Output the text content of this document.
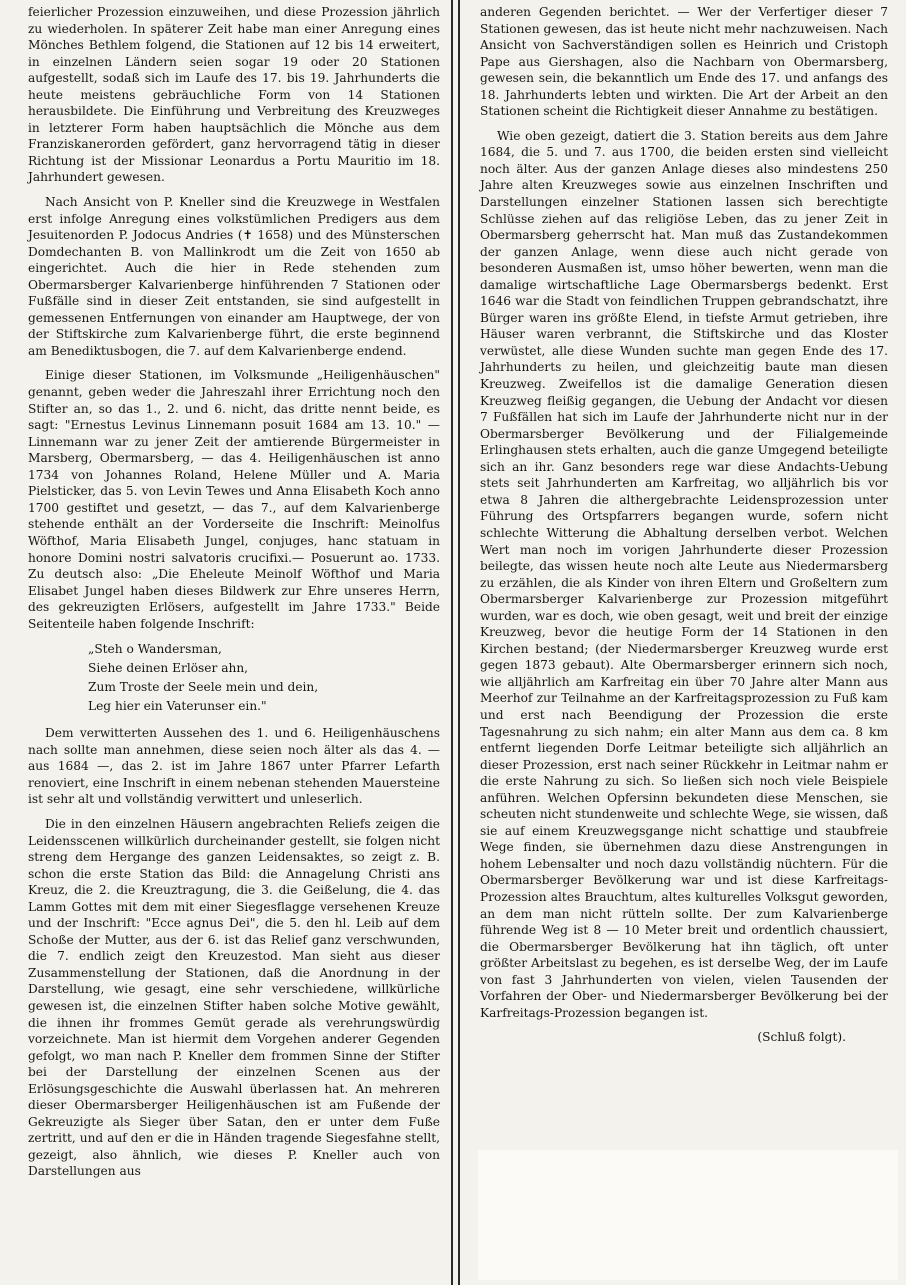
feierlicher Prozession einzuweihen, und diese Prozession jährlich zu wiederholen. In späterer Zeit habe man einer Anregung eines Mönches Bethlem folgend, die Stationen auf 12 bis 14 erweitert, in einzelnen Ländern seien sogar 19 oder 20 Stationen aufgestellt, sodaß sich im Laufe des 17. bis 19. Jahrhunderts die heute meistens gebräuchliche Form von 14 Stationen herausbildete. Die Einführung und Verbreitung des Kreuzweges in letzterer Form haben hauptsächlich die Mönche aus dem Franziskanerorden gefördert, ganz hervorragend tätig in dieser Richtung ist der Missionar Leonardus a Portu Mauritio im 18. Jahrhundert gewesen.

Nach Ansicht von P. Kneller sind die Kreuzwege in Westfalen erst infolge Anregung eines volkstümlichen Predigers aus dem Jesuitenorden P. Jodocus Andries (✝ 1658) und des Münsterschen Domdechanten B. von Mallinkrodt um die Zeit von 1650 ab eingerichtet. Auch die hier in Rede stehenden zum Obermarsberger Kalvarienberge hinführenden 7 Stationen oder Fußfälle sind in dieser Zeit entstanden, sie sind aufgestellt in gemessenen Entfernungen von einander am Hauptwege, der von der Stiftskirche zum Kalvarienberge führt, die erste beginnend am Benediktusbogen, die 7. auf dem Kalvarienberge endend.

Einige dieser Stationen, im Volksmunde „Heiligenhäuschen" genannt, geben weder die Jahreszahl ihrer Errichtung noch den Stifter an, so das 1., 2. und 6. nicht, das dritte nennt beide, es sagt: "Ernestus Levinus Linnemann posuit 1684 am 13. 10." — Linnemann war zu jener Zeit der amtierende Bürgermeister in Marsberg, Obermarsberg, — das 4. Heiligenhäuschen ist anno 1734 von Johannes Roland, Helene Müller und A. Maria Pielsticker, das 5. von Levin Tewes und Anna Elisabeth Koch anno 1700 gestiftet und gesetzt, — das 7., auf dem Kalvarienberge stehende enthält an der Vorderseite die Inschrift: Meinolfus Wöfthof, Maria Elisabeth Jungel, conjuges, hanc statuam in honore Domini nostri salvatoris crucifixi.— Posuerunt ao. 1733. Zu deutsch also: „Die Eheleute Meinolf Wöfthof und Maria Elisabet Jungel haben dieses Bildwerk zur Ehre unseres Herrn, des gekreuzigten Erlösers, aufgestellt im Jahre 1733." Beide Seitenteile haben folgende Inschrift:

„Steh o Wandersman,
Siehe deinen Erlöser ahn,
Zum Troste der Seele mein und dein,
Leg hier ein Vaterunser ein."

Dem verwitterten Aussehen des 1. und 6. Heiligenhäuschens nach sollte man annehmen, diese seien noch älter als das 4. — aus 1684 —, das 2. ist im Jahre 1867 unter Pfarrer Lefarth renoviert, eine Inschrift in einem nebenan stehenden Mauersteine ist sehr alt und vollständig verwittert und unleserlich.

Die in den einzelnen Häusern angebrachten Reliefs zeigen die Leidensscenen willkürlich durcheinander gestellt, sie folgen nicht streng dem Hergange des ganzen Leidensaktes, so zeigt z. B. schon die erste Station das Bild: die Annagelung Christi ans Kreuz, die 2. die Kreuztragung, die 3. die Geißelung, die 4. das Lamm Gottes mit dem mit einer Siegesflagge versehenen Kreuze und der Inschrift: "Ecce agnus Dei", die 5. den hl. Leib auf dem Schoße der Mutter, aus der 6. ist das Relief ganz verschwunden, die 7. endlich zeigt den Kreuzestod. Man sieht aus dieser Zusammenstellung der Stationen, daß die Anordnung in der Darstellung, wie gesagt, eine sehr verschiedene, willkürliche gewesen ist, die einzelnen Stifter haben solche Motive gewählt, die ihnen ihr frommes Gemüt gerade als verehrungswürdig vorzeichnete. Man ist hiermit dem Vorgehen anderer Gegenden gefolgt, wo man nach P. Kneller dem frommen Sinne der Stifter bei der Darstellung der einzelnen Scenen aus der Erlösungsgeschichte die Auswahl überlassen hat. An mehreren dieser Obermarsberger Heiligenhäuschen ist am Fußende der Gekreuzigte als Sieger über Satan, den er unter dem Fuße zertritt, und auf den er die in Händen tragende Siegesfahne stellt, gezeigt, also ähnlich, wie dieses P. Kneller auch von Darstellungen aus

anderen Gegenden berichtet. — Wer der Verfertiger dieser 7 Stationen gewesen, das ist heute nicht mehr nachzuweisen. Nach Ansicht von Sachverständigen sollen es Heinrich und Cristoph Pape aus Giershagen, also die Nachbarn von Obermarsberg, gewesen sein, die bekanntlich um Ende des 17. und anfangs des 18. Jahrhunderts lebten und wirkten. Die Art der Arbeit an den Stationen scheint die Richtigkeit dieser Annahme zu bestätigen.

Wie oben gezeigt, datiert die 3. Station bereits aus dem Jahre 1684, die 5. und 7. aus 1700, die beiden ersten sind vielleicht noch älter. Aus der ganzen Anlage dieses also mindestens 250 Jahre alten Kreuzweges sowie aus einzelnen Inschriften und Darstellungen einzelner Stationen lassen sich berechtigte Schlüsse ziehen auf das religiöse Leben, das zu jener Zeit in Obermarsberg geherrscht hat. Man muß das Zustandekommen der ganzen Anlage, wenn diese auch nicht gerade von besonderen Ausmaßen ist, umso höher bewerten, wenn man die damalige wirtschaftliche Lage Obermarsbergs bedenkt. Erst 1646 war die Stadt von feindlichen Truppen gebrandschatzt, ihre Bürger waren ins größte Elend, in tiefste Armut getrieben, ihre Häuser waren verbrannt, die Stiftskirche und das Kloster verwüstet, alle diese Wunden suchte man gegen Ende des 17. Jahrhunderts zu heilen, und gleichzeitig baute man diesen Kreuzweg. Zweifellos ist die damalige Generation diesen Kreuzweg fleißig gegangen, die Uebung der Andacht vor diesen 7 Fußfällen hat sich im Laufe der Jahrhunderte nicht nur in der Obermarsberger Bevölkerung und der Filialgemeinde Erlinghausen stets erhalten, auch die ganze Umgegend beteiligte sich an ihr. Ganz besonders rege war diese Andachts-Uebung stets seit Jahrhunderten am Karfreitag, wo alljährlich bis vor etwa 8 Jahren die althergebrachte Leidensprozession unter Führung des Ortspfarrers begangen wurde, sofern nicht schlechte Witterung die Abhaltung derselben verbot. Welchen Wert man noch im vorigen Jahrhunderte dieser Prozession beilegte, das wissen heute noch alte Leute aus Niedermarsberg zu erzählen, die als Kinder von ihren Eltern und Großeltern zum Obermarsberger Kalvarienberge zur Prozession mitgeführt wurden, war es doch, wie oben gesagt, weit und breit der einzige Kreuzweg, bevor die heutige Form der 14 Stationen in den Kirchen bestand; (der Niedermarsberger Kreuzweg wurde erst gegen 1873 gebaut). Alte Obermarsberger erinnern sich noch, wie alljährlich am Karfreitag ein über 70 Jahre alter Mann aus Meerhof zur Teilnahme an der Karfreitagsprozession zu Fuß kam und erst nach Beendigung der Prozession die erste Tagesnahrung zu sich nahm; ein alter Mann aus dem ca. 8 km entfernt liegenden Dorfe Leitmar beteiligte sich alljährlich an dieser Prozession, erst nach seiner Rückkehr in Leitmar nahm er die erste Nahrung zu sich. So ließen sich noch viele Beispiele anführen. Welchen Opfersinn bekundeten diese Menschen, sie scheuten nicht stundenweite und schlechte Wege, sie wissen, daß sie auf einem Kreuzwegsgange nicht schattige und staubfreie Wege finden, sie übernehmen dazu diese Anstrengungen in hohem Lebensalter und noch dazu vollständig nüchtern. Für die Obermarsberger Bevölkerung war und ist diese Karfreitags-Prozession altes Brauchtum, altes kulturelles Volksgut geworden, an dem man nicht rütteln sollte. Der zum Kalvarienberge führende Weg ist 8 — 10 Meter breit und ordentlich chaussiert, die Obermarsberger Bevölkerung hat ihn täglich, oft unter größter Arbeitslast zu begehen, es ist derselbe Weg, der im Laufe von fast 3 Jahrhunderten von vielen, vielen Tausenden der Vorfahren der Ober- und Niedermarsberger Bevölkerung bei der Karfreitags-Prozession begangen ist.

(Schluß folgt).
